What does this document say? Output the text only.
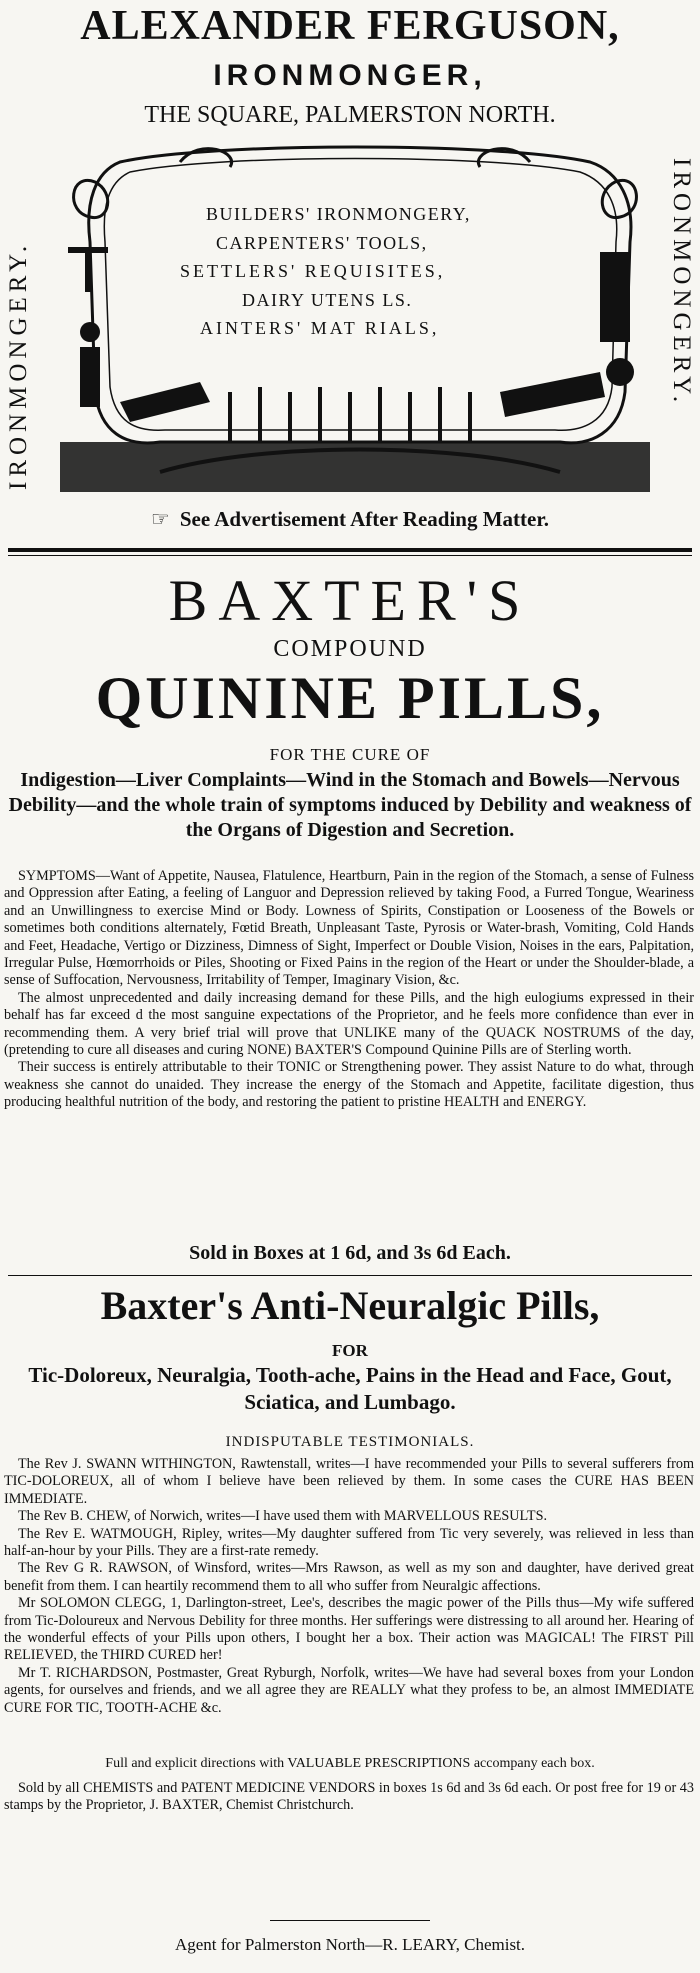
ALEXANDER FERGUSON,
IRONMONGER,
THE SQUARE, PALMERSTON NORTH.
IRONMONGERY.	IRONMONGERY.
BUILDERS' IRONMONGERY,
CARPENTERS' TOOLS,
SETTLERS' REQUISITES,
DAIRY UTENS LS.
AINTERS' MAT RIALS,
☞ See Advertisement After Reading Matter.
BAXTER'S
COMPOUND
QUININE PILLS,
FOR THE CURE OF
Indigestion—Liver Complaints—Wind in the Stomach and Bowels—Nervous Debility—and the whole train of symptoms induced by Debility and weakness of the Organs of Digestion and Secretion.

SYMPTOMS—Want of Appetite, Nausea, Flatulence, Heartburn, Pain in the region of the Stomach, a sense of Fulness and Oppression after Eating, a feeling of Languor and Depression relieved by taking Food, a Furred Tongue, Weariness and an Unwillingness to exercise Mind or Body. Lowness of Spirits, Constipation or Looseness of the Bowels or sometimes both conditions alternately, Fœtid Breath, Unpleasant Taste, Pyrosis or Water-brash, Vomiting, Cold Hands and Feet, Headache, Vertigo or Dizziness, Dimness of Sight, Imperfect or Double Vision, Noises in the ears, Palpitation, Irregular Pulse, Hœmorrhoids or Piles, Shooting or Fixed Pains in the region of the Heart or under the Shoulder-blade, a sense of Suffocation, Nervousness, Irritability of Temper, Imaginary Vision, &c.

The almost unprecedented and daily increasing demand for these Pills, and the high eulogiums expressed in their behalf has far exceed d the most sanguine expectations of the Proprietor, and he feels more confidence than ever in recommending them. A very brief trial will prove that UNLIKE many of the QUACK NOSTRUMS of the day, (pretending to cure all diseases and curing NONE) BAXTER'S Compound Quinine Pills are of Sterling worth.

Their success is entirely attributable to their TONIC or Strengthening power. They assist Nature to do what, through weakness she cannot do unaided. They increase the energy of the Stomach and Appetite, facilitate digestion, thus producing healthful nutrition of the body, and restoring the patient to pristine HEALTH and ENERGY.

Sold in Boxes at 1 6d, and 3s 6d Each.
Baxter's Anti-Neuralgic Pills,
FOR
Tic-Doloreux, Neuralgia, Tooth-ache, Pains in the Head and Face, Gout, Sciatica, and Lumbago.
INDISPUTABLE TESTIMONIALS.

The Rev J. SWANN WITHINGTON, Rawtenstall, writes—I have recommended your Pills to several sufferers from TIC-DOLOREUX, all of whom I believe have been relieved by them. In some cases the CURE HAS BEEN IMMEDIATE.

The Rev B. CHEW, of Norwich, writes—I have used them with MARVELLOUS RESULTS.

The Rev E. WATMOUGH, Ripley, writes—My daughter suffered from Tic very severely, was relieved in less than half-an-hour by your Pills. They are a first-rate remedy.

The Rev G R. RAWSON, of Winsford, writes—Mrs Rawson, as well as my son and daughter, have derived great benefit from them. I can heartily recommend them to all who suffer from Neuralgic affections.

Mr SOLOMON CLEGG, 1, Darlington-street, Lee's, describes the magic power of the Pills thus—My wife suffered from Tic-Doloureux and Nervous Debility for three months. Her sufferings were distressing to all around her. Hearing of the wonderful effects of your Pills upon others, I bought her a box. Their action was MAGICAL! The FIRST Pill RELIEVED, the THIRD CURED her!

Mr T. RICHARDSON, Postmaster, Great Ryburgh, Norfolk, writes—We have had several boxes from your London agents, for ourselves and friends, and we all agree they are REALLY what they profess to be, an almost IMMEDIATE CURE FOR TIC, TOOTH-ACHE &c.

Full and explicit directions with VALUABLE PRESCRIPTIONS accompany each box.

Sold by all CHEMISTS and PATENT MEDICINE VENDORS in boxes 1s 6d and 3s 6d each. Or post free for 19 or 43 stamps by the Proprietor, J. BAXTER, Chemist Christchurch.

Agent for Palmerston North—R. LEARY, Chemist.
